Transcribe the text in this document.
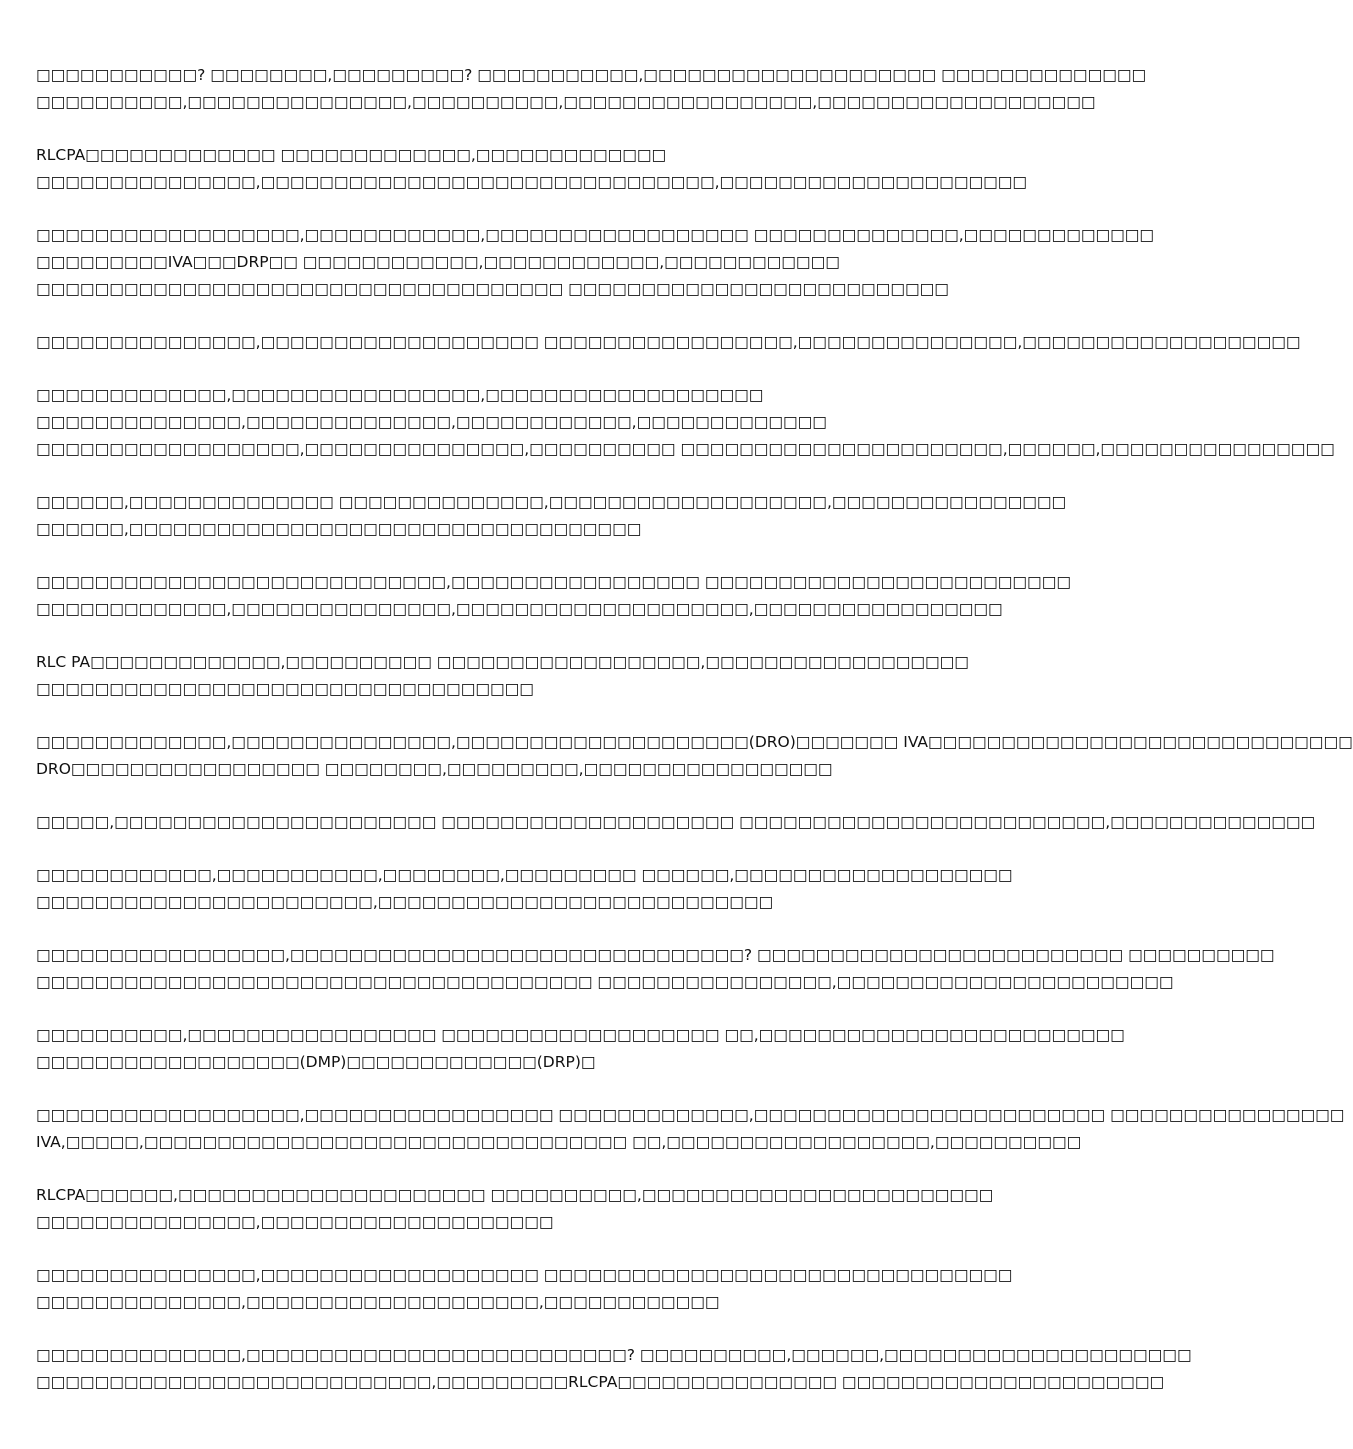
□□□□□□□□□□□? □□□□□□□□,□□□□□□□□□? □□□□□□□□□□□,□□□□□□□□□□□□□□□□□□□□ □□□□□□□□□□□□□□
□□□□□□□□□□,□□□□□□□□□□□□□□□,□□□□□□□□□□,□□□□□□□□□□□□□□□□□,□□□□□□□□□□□□□□□□□□□
RLCPA□□□□□□□□□□□□□ □□□□□□□□□□□□□,□□□□□□□□□□□□□
□□□□□□□□□□□□□□□,□□□□□□□□□□□□□□□□□□□□□□□□□□□□□□□,□□□□□□□□□□□□□□□□□□□□□
□□□□□□□□□□□□□□□□□□,□□□□□□□□□□□□,□□□□□□□□□□□□□□□□□□ □□□□□□□□□□□□□□,□□□□□□□□□□□□□
□□□□□□□□□IVA□□□DRP□□ □□□□□□□□□□□□,□□□□□□□□□□□□,□□□□□□□□□□□□
□□□□□□□□□□□□□□□□□□□□□□□□□□□□□□□□□□□□ □□□□□□□□□□□□□□□□□□□□□□□□□□
□□□□□□□□□□□□□□□,□□□□□□□□□□□□□□□□□□□ □□□□□□□□□□□□□□□□□,□□□□□□□□□□□□□□□,□□□□□□□□□□□□□□□□□□□
□□□□□□□□□□□□□,□□□□□□□□□□□□□□□□□,□□□□□□□□□□□□□□□□□□□
□□□□□□□□□□□□□□,□□□□□□□□□□□□□□,□□□□□□□□□□□□,□□□□□□□□□□□□□
□□□□□□□□□□□□□□□□□□,□□□□□□□□□□□□□□□,□□□□□□□□□□ □□□□□□□□□□□□□□□□□□□□□□,□□□□□□,□□□□□□□□□□□□□□□□
□□□□□□,□□□□□□□□□□□□□□ □□□□□□□□□□□□□□,□□□□□□□□□□□□□□□□□□□,□□□□□□□□□□□□□□□□
□□□□□□,□□□□□□□□□□□□□□□□□□□□□□□□□□□□□□□□□□□
□□□□□□□□□□□□□□□□□□□□□□□□□□□□,□□□□□□□□□□□□□□□□□ □□□□□□□□□□□□□□□□□□□□□□□□□
□□□□□□□□□□□□□,□□□□□□□□□□□□□□□,□□□□□□□□□□□□□□□□□□□□,□□□□□□□□□□□□□□□□□
RLC PA□□□□□□□□□□□□□,□□□□□□□□□□ □□□□□□□□□□□□□□□□□□,□□□□□□□□□□□□□□□□□□
□□□□□□□□□□□□□□□□□□□□□□□□□□□□□□□□□□
□□□□□□□□□□□□□,□□□□□□□□□□□□□□□,□□□□□□□□□□□□□□□□□□□□(DRO)□□□□□□□ IVA□□□□□□□□□□□□□□□□□□□□□□□□□□□□□
DRO□□□□□□□□□□□□□□□□□ □□□□□□□□,□□□□□□□□□,□□□□□□□□□□□□□□□□□
□□□□□,□□□□□□□□□□□□□□□□□□□□□□ □□□□□□□□□□□□□□□□□□□□ □□□□□□□□□□□□□□□□□□□□□□□□□,□□□□□□□□□□□□□□
□□□□□□□□□□□□,□□□□□□□□□□□,□□□□□□□□,□□□□□□□□□ □□□□□□,□□□□□□□□□□□□□□□□□□□
□□□□□□□□□□□□□□□□□□□□□□□,□□□□□□□□□□□□□□□□□□□□□□□□□□□
□□□□□□□□□□□□□□□□□,□□□□□□□□□□□□□□□□□□□□□□□□□□□□□□□? □□□□□□□□□□□□□□□□□□□□□□□□□ □□□□□□□□□□
□□□□□□□□□□□□□□□□□□□□□□□□□□□□□□□□□□□□□□ □□□□□□□□□□□□□□□□,□□□□□□□□□□□□□□□□□□□□□□□
□□□□□□□□□□,□□□□□□□□□□□□□□□□□ □□□□□□□□□□□□□□□□□□□ □□,□□□□□□□□□□□□□□□□□□□□□□□□□
□□□□□□□□□□□□□□□□□□(DMP)□□□□□□□□□□□□□(DRP)□
□□□□□□□□□□□□□□□□□□,□□□□□□□□□□□□□□□□□ □□□□□□□□□□□□□,□□□□□□□□□□□□□□□□□□□□□□□□ □□□□□□□□□□□□□□□□
IVA,□□□□□,□□□□□□□□□□□□□□□□□□□□□□□□□□□□□□□□□ □□,□□□□□□□□□□□□□□□□□□,□□□□□□□□□□
RLCPA□□□□□□,□□□□□□□□□□□□□□□□□□□□□ □□□□□□□□□□,□□□□□□□□□□□□□□□□□□□□□□□□
□□□□□□□□□□□□□□□,□□□□□□□□□□□□□□□□□□□□
□□□□□□□□□□□□□□□,□□□□□□□□□□□□□□□□□□□ □□□□□□□□□□□□□□□□□□□□□□□□□□□□□□□□
□□□□□□□□□□□□□□,□□□□□□□□□□□□□□□□□□□□,□□□□□□□□□□□□
□□□□□□□□□□□□□□,□□□□□□□□□□□□□□□□□□□□□□□□□□? □□□□□□□□□□,□□□□□□,□□□□□□□□□□□□□□□□□□□□□
□□□□□□□□□□□□□□□□□□□□□□□□□□□,□□□□□□□□□RLCPA□□□□□□□□□□□□□□□ □□□□□□□□□□□□□□□□□□□□□□
